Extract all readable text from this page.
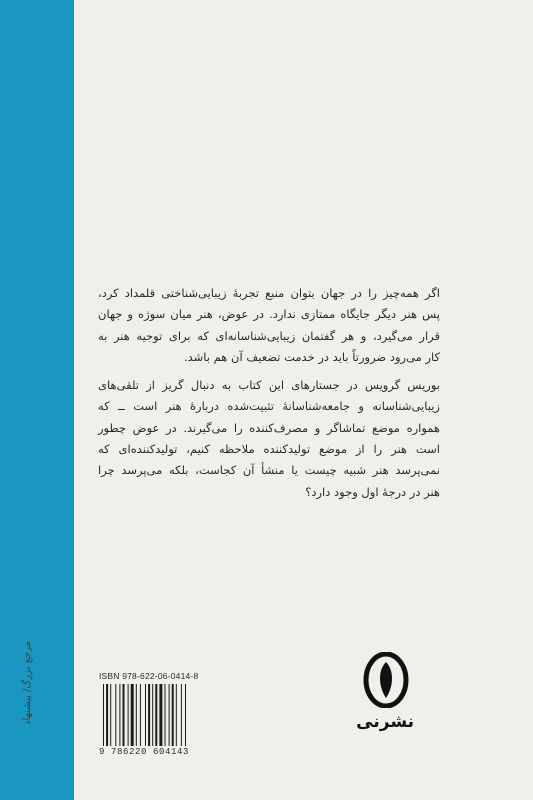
مرجع بزرگ/ پیشنهاد

اگر همه‌چیز را در جهان بتوان منبع تجربهٔ زیبایی‌شناختی قلمداد کرد،
پس هنر دیگر جایگاه ممتازی ندارد. در عوض، هنر میان سوژه و جهان
قرار می‌گیرد، و هر گفتمان زیبایی‌شناسانه‌ای که برای توجیه هنر به
کار می‌رود ضرورتاً باید در خدمت تضعیف آن هم باشد.

بوریس گرویس در جستارهای این کتاب به دنبال گریز از تلقی‌های
زیبایی‌شناسانه و جامعه‌شناسانهٔ تثبیت‌شده دربارهٔ هنر است ــ که
همواره موضع تماشاگر و مصرف‌کننده را می‌گیرند. در عوض چطور
است هنر را از موضع تولیدکننده ملاحظه کنیم، تولیدکننده‌ای که
نمی‌پرسد هنر شبیه چیست یا منشأ آن کجاست، بلکه می‌پرسد چرا
هنر در درجهٔ اول وجود دارد؟

ISBN 978-622-06-0414-8
9 786220 604143
نشرنی
